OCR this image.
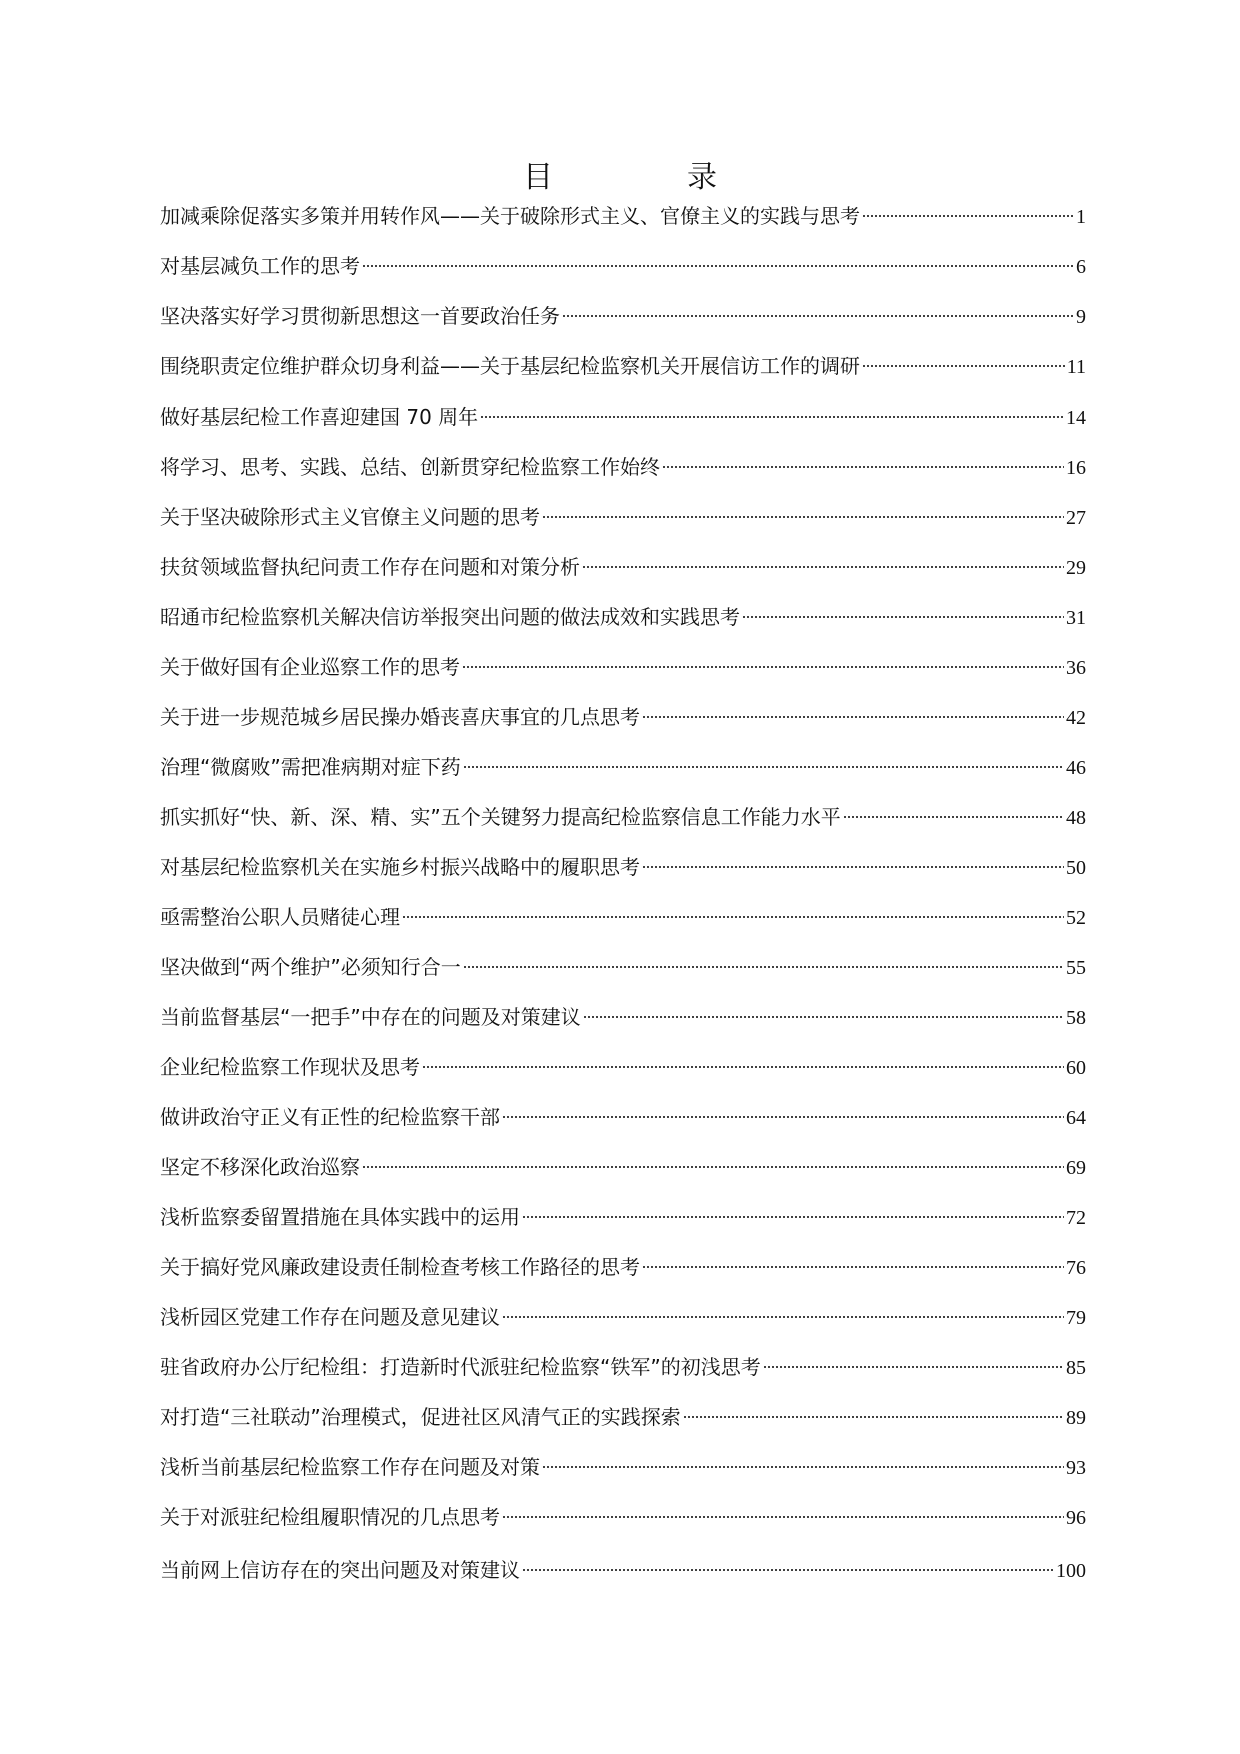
目　录
加减乘除促落实多策并用转作风——关于破除形式主义、官僚主义的实践与思考	1
对基层减负工作的思考	6
坚决落实好学习贯彻新思想这一首要政治任务	9
围绕职责定位维护群众切身利益——关于基层纪检监察机关开展信访工作的调研	11
做好基层纪检工作喜迎建国 70 周年	14
将学习、思考、实践、总结、创新贯穿纪检监察工作始终	16
关于坚决破除形式主义官僚主义问题的思考	27
扶贫领域监督执纪问责工作存在问题和对策分析	29
昭通市纪检监察机关解决信访举报突出问题的做法成效和实践思考	31
关于做好国有企业巡察工作的思考	36
关于进一步规范城乡居民操办婚丧喜庆事宜的几点思考	42
治理“微腐败”需把准病期对症下药	46
抓实抓好“快、新、深、精、实”五个关键努力提高纪检监察信息工作能力水平	48
对基层纪检监察机关在实施乡村振兴战略中的履职思考	50
亟需整治公职人员赌徒心理	52
坚决做到“两个维护”必须知行合一	55
当前监督基层“一把手”中存在的问题及对策建议	58
企业纪检监察工作现状及思考	60
做讲政治守正义有正性的纪检监察干部	64
坚定不移深化政治巡察	69
浅析监察委留置措施在具体实践中的运用	72
关于搞好党风廉政建设责任制检查考核工作路径的思考	76
浅析园区党建工作存在问题及意见建议	79
驻省政府办公厅纪检组：打造新时代派驻纪检监察“铁军”的初浅思考	85
对打造“三社联动”治理模式，促进社区风清气正的实践探索	89
浅析当前基层纪检监察工作存在问题及对策	93
关于对派驻纪检组履职情况的几点思考	96
当前网上信访存在的突出问题及对策建议	100
